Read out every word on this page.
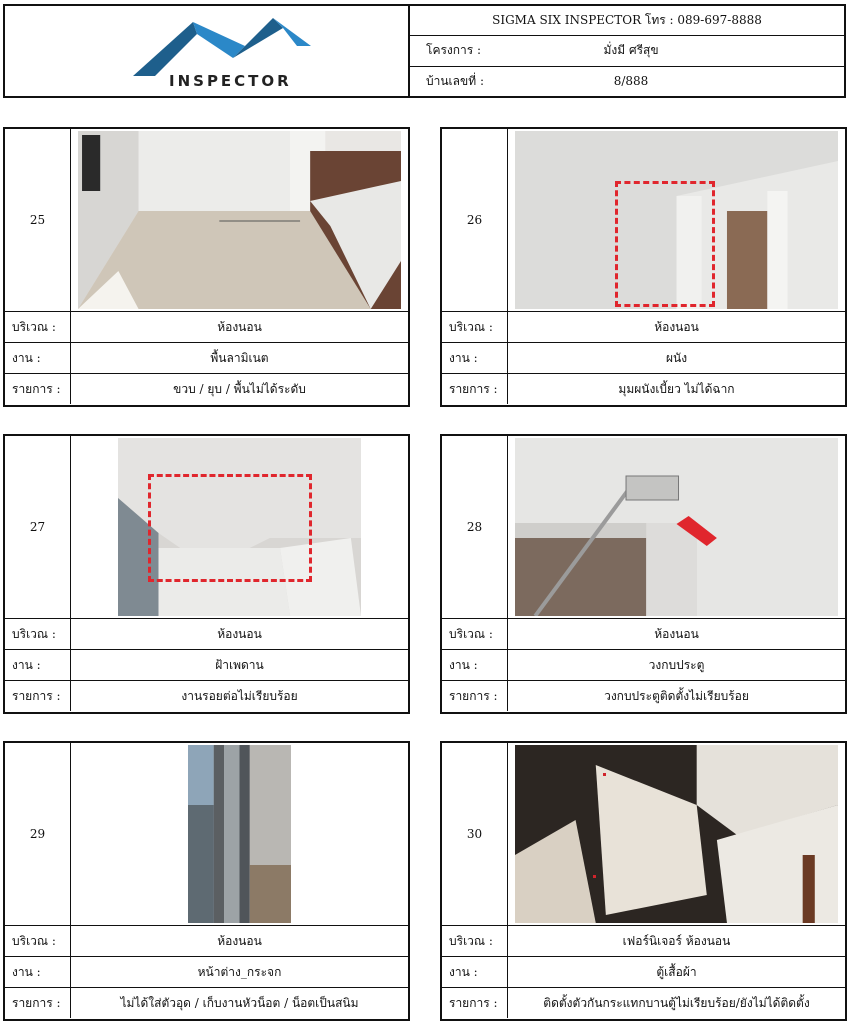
INSPECTOR
SIGMA SIX INSPECTOR โทร : 089-697-8888
โครงการ :	มั่งมี ศรีสุข
บ้านเลขที่ :	8/888
25
บริเวณ :	ห้องนอน
งาน :	พื้นลามิเนต
รายการ :	ขวบ / ยุบ / พื้นไม่ได้ระดับ
26
บริเวณ :	ห้องนอน
งาน :	ผนัง
รายการ :	มุมผนังเบี้ยว ไม่ได้ฉาก
27
บริเวณ :	ห้องนอน
งาน :	ฝ้าเพดาน
รายการ :	งานรอยต่อไม่เรียบร้อย
28
บริเวณ :	ห้องนอน
งาน :	วงกบประตู
รายการ :	วงกบประตูติดตั้งไม่เรียบร้อย
29
บริเวณ :	ห้องนอน
งาน :	หน้าต่าง_กระจก
รายการ :	ไม่ได้ใส่ตัวอุด / เก็บงานหัวน็อต / น็อตเป็นสนิม
30
บริเวณ :	เฟอร์นิเจอร์ ห้องนอน
งาน :	ตู้เสื้อผ้า
รายการ :	ติดตั้งตัวกันกระแทกบานตู้ไม่เรียบร้อย/ยังไม่ได้ติดตั้ง
